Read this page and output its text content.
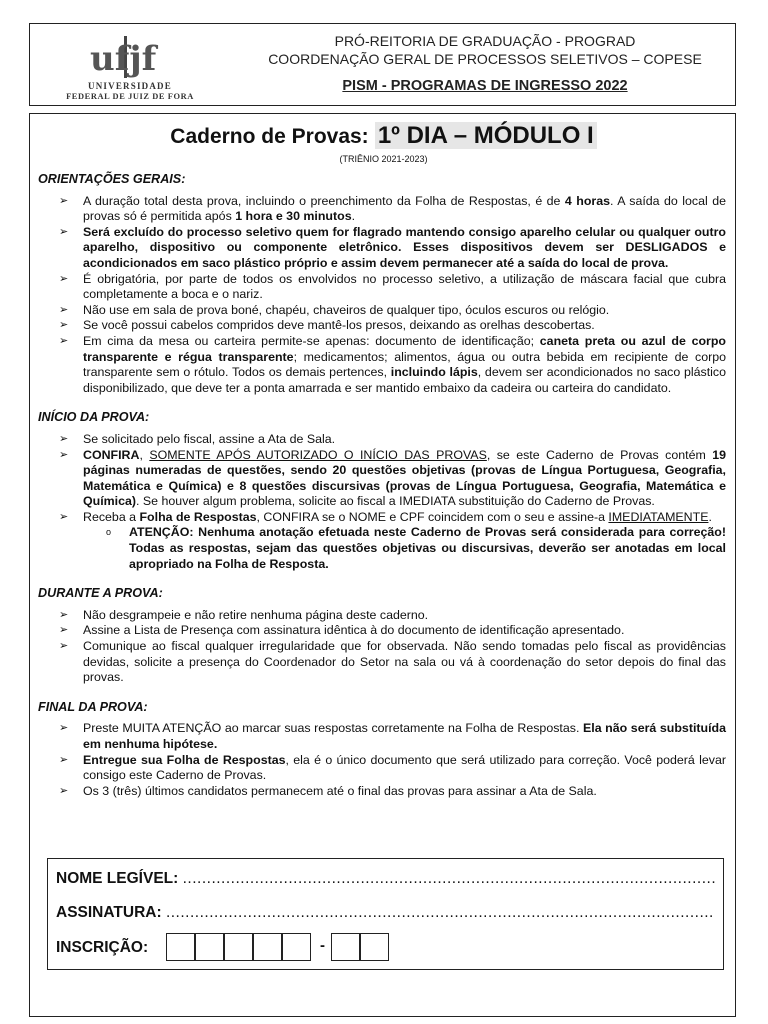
ufjf
UNIVERSIDADE
FEDERAL DE JUIZ DE FORA
PRÓ-REITORIA DE GRADUAÇÃO - PROGRAD
COORDENAÇÃO GERAL DE PROCESSOS SELETIVOS – COPESE
PISM - PROGRAMAS DE INGRESSO 2022
Caderno de Provas: 1º DIA – MÓDULO I
(TRIÊNIO 2021-2023)
ORIENTAÇÕES GERAIS:
➢ A duração total desta prova, incluindo o preenchimento da Folha de Respostas, é de 4 horas. A saída do local de provas só é permitida após 1 hora e 30 minutos.
➢ Será excluído do processo seletivo quem for flagrado mantendo consigo aparelho celular ou qualquer outro aparelho, dispositivo ou componente eletrônico. Esses dispositivos devem ser DESLIGADOS e acondicionados em saco plástico próprio e assim devem permanecer até a saída do local de prova.
➢ É obrigatória, por parte de todos os envolvidos no processo seletivo, a utilização de máscara facial que cubra completamente a boca e o nariz.
➢ Não use em sala de prova boné, chapéu, chaveiros de qualquer tipo, óculos escuros ou relógio.
➢ Se você possui cabelos compridos deve mantê-los presos, deixando as orelhas descobertas.
➢ Em cima da mesa ou carteira permite-se apenas: documento de identificação; caneta preta ou azul de corpo transparente e régua transparente; medicamentos; alimentos, água ou outra bebida em recipiente de corpo transparente sem o rótulo. Todos os demais pertences, incluindo lápis, devem ser acondicionados no saco plástico disponibilizado, que deve ter a ponta amarrada e ser mantido embaixo da cadeira ou carteira do candidato.
INÍCIO DA PROVA:
➢ Se solicitado pelo fiscal, assine a Ata de Sala.
➢ CONFIRA, SOMENTE APÓS AUTORIZADO O INÍCIO DAS PROVAS, se este Caderno de Provas contém 19 páginas numeradas de questões, sendo 20 questões objetivas (provas de Língua Portuguesa, Geografia, Matemática e Química) e 8 questões discursivas (provas de Língua Portuguesa, Geografia, Matemática e Química). Se houver algum problema, solicite ao fiscal a IMEDIATA substituição do Caderno de Provas.
➢ Receba a Folha de Respostas, CONFIRA se o NOME e CPF coincidem com o seu e assine-a IMEDIATAMENTE.
o ATENÇÃO: Nenhuma anotação efetuada neste Caderno de Provas será considerada para correção! Todas as respostas, sejam das questões objetivas ou discursivas, deverão ser anotadas em local apropriado na Folha de Resposta.
DURANTE A PROVA:
➢ Não desgrampeie e não retire nenhuma página deste caderno.
➢ Assine a Lista de Presença com assinatura idêntica à do documento de identificação apresentado.
➢ Comunique ao fiscal qualquer irregularidade que for observada. Não sendo tomadas pelo fiscal as providências devidas, solicite a presença do Coordenador do Setor na sala ou vá à coordenação do setor depois do final das provas.
FINAL DA PROVA:
➢ Preste MUITA ATENÇÃO ao marcar suas respostas corretamente na Folha de Respostas. Ela não será substituída em nenhuma hipótese.
➢ Entregue sua Folha de Respostas, ela é o único documento que será utilizado para correção. Você poderá levar consigo este Caderno de Provas.
➢ Os 3 (três) últimos candidatos permanecem até o final das provas para assinar a Ata de Sala.
NOME LEGÍVEL: ...............................................................................................................
ASSINATURA: ..................................................................................................................
INSCRIÇÃO:	-
